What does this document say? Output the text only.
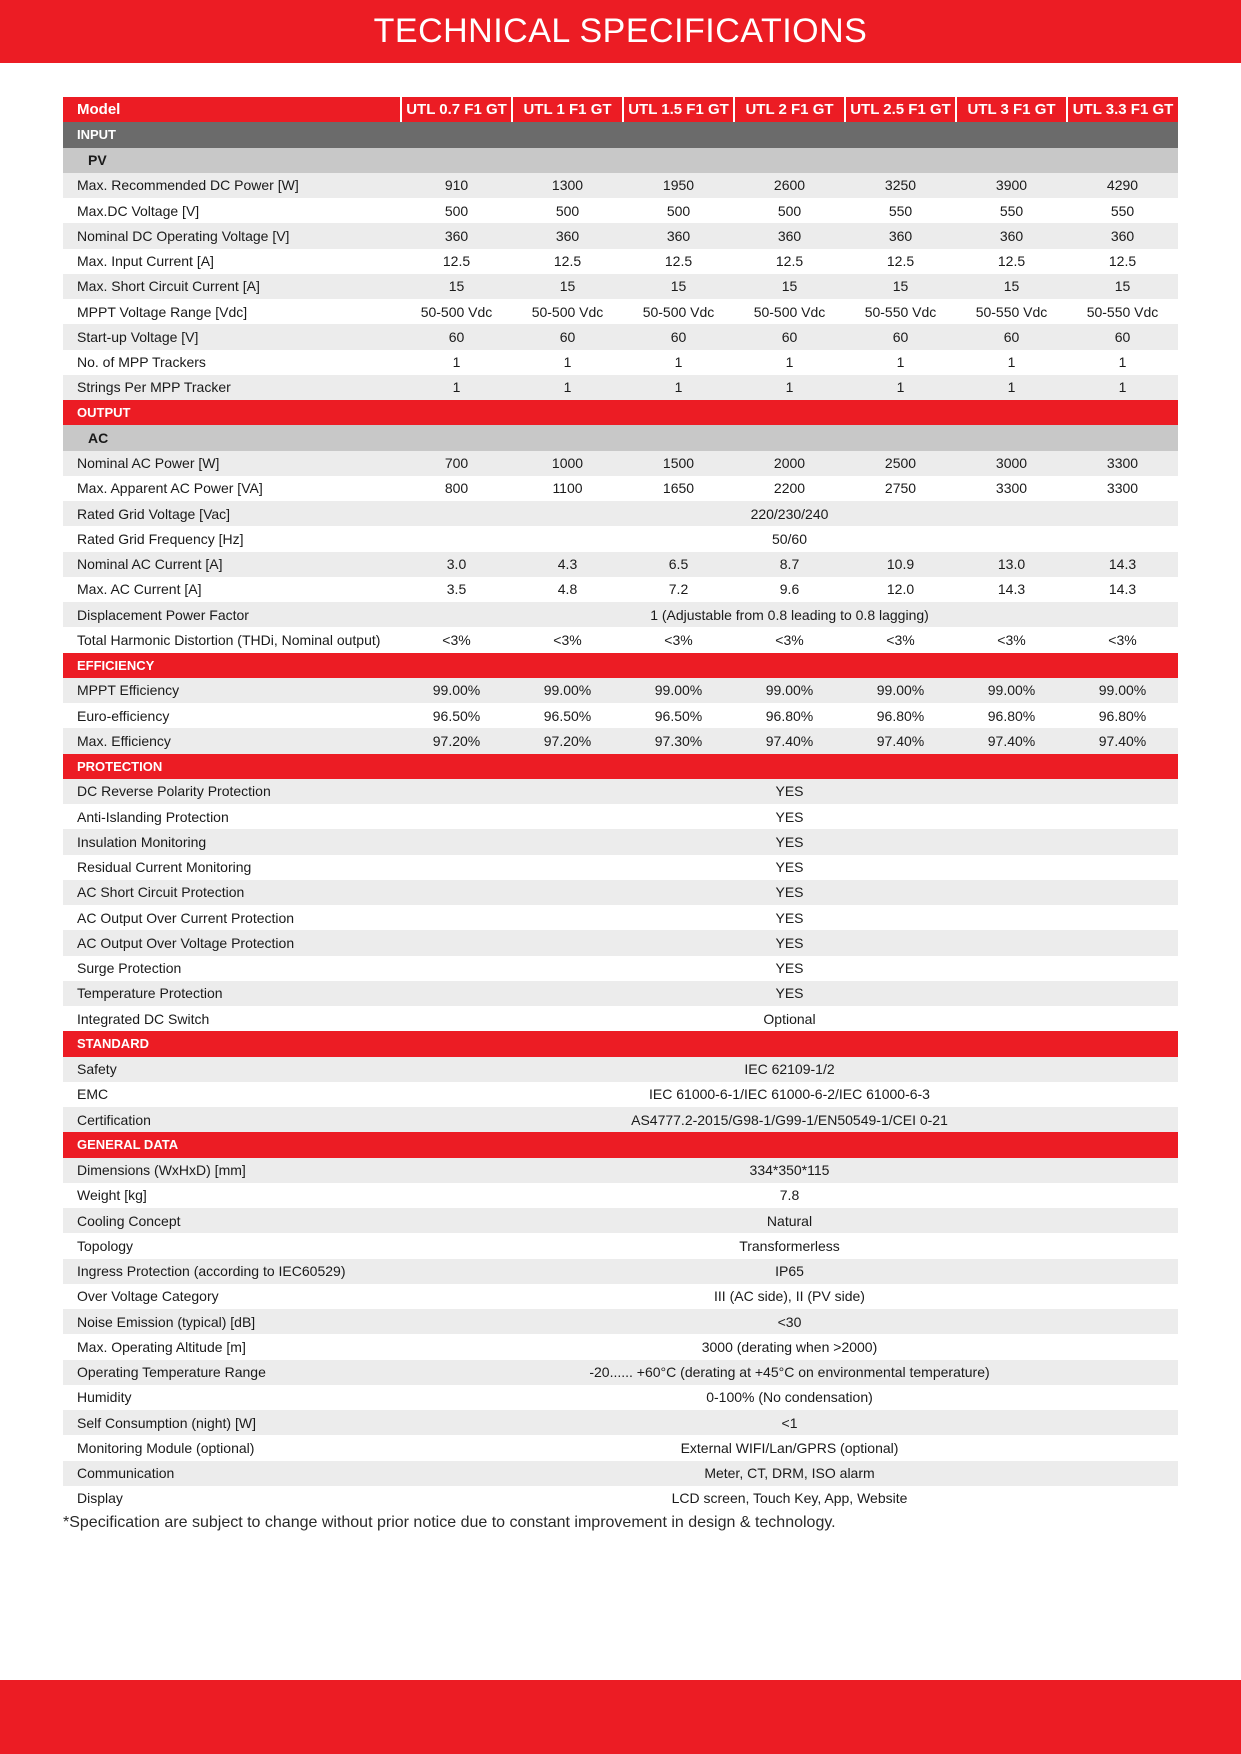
TECHNICAL SPECIFICATIONS
Model	UTL 0.7 F1 GT	UTL 1 F1 GT	UTL 1.5 F1 GT	UTL 2 F1 GT	UTL 2.5 F1 GT	UTL 3 F1 GT	UTL 3.3 F1 GT
INPUT							
PV							
Max. Recommended DC Power [W]	910	1300	1950	2600	3250	3900	4290
Max.DC Voltage [V]	500	500	500	500	550	550	550
Nominal DC Operating Voltage [V]	360	360	360	360	360	360	360
Max. Input Current [A]	12.5	12.5	12.5	12.5	12.5	12.5	12.5
Max. Short Circuit Current [A]	15	15	15	15	15	15	15
MPPT Voltage Range [Vdc]	50-500 Vdc	50-500 Vdc	50-500 Vdc	50-500 Vdc	50-550 Vdc	50-550 Vdc	50-550 Vdc
Start-up Voltage [V]	60	60	60	60	60	60	60
No. of MPP Trackers	1	1	1	1	1	1	1
Strings Per MPP Tracker	1	1	1	1	1	1	1
OUTPUT							
AC							
Nominal AC Power [W]	700	1000	1500	2000	2500	3000	3300
Max. Apparent AC Power [VA]	800	1100	1650	2200	2750	3300	3300
Rated Grid Voltage [Vac]	220/230/240						
Rated Grid Frequency [Hz]	50/60						
Nominal AC Current [A]	3.0	4.3	6.5	8.7	10.9	13.0	14.3
Max. AC Current [A]	3.5	4.8	7.2	9.6	12.0	14.3	14.3
Displacement Power Factor	1 (Adjustable from 0.8 leading to 0.8 lagging)						
Total Harmonic Distortion (THDi, Nominal output)	<3%	<3%	<3%	<3%	<3%	<3%	<3%
EFFICIENCY							
MPPT Efficiency	99.00%	99.00%	99.00%	99.00%	99.00%	99.00%	99.00%
Euro-efficiency	96.50%	96.50%	96.50%	96.80%	96.80%	96.80%	96.80%
Max. Efficiency	97.20%	97.20%	97.30%	97.40%	97.40%	97.40%	97.40%
PROTECTION							
DC Reverse Polarity Protection	YES						
Anti-Islanding Protection	YES						
Insulation Monitoring	YES						
Residual Current Monitoring	YES						
AC Short Circuit Protection	YES						
AC Output Over Current Protection	YES						
AC Output Over Voltage Protection	YES						
Surge Protection	YES						
Temperature Protection	YES						
Integrated DC Switch	Optional						
STANDARD							
Safety	IEC 62109-1/2						
EMC	IEC 61000-6-1/IEC 61000-6-2/IEC 61000-6-3						
Certification	AS4777.2-2015/G98-1/G99-1/EN50549-1/CEI 0-21						
GENERAL DATA							
Dimensions (WxHxD) [mm]	334*350*115						
Weight [kg]	7.8						
Cooling Concept	Natural						
Topology	Transformerless						
Ingress Protection (according to IEC60529)	IP65						
Over Voltage Category	III (AC side), II (PV side)						
Noise Emission (typical) [dB]	<30						
Max. Operating Altitude [m]	3000 (derating when >2000)						
Operating Temperature Range	-20...... +60°C (derating at +45°C on environmental temperature)						
Humidity	0-100% (No condensation)						
Self Consumption (night) [W]	<1						
Monitoring Module (optional)	External WIFI/Lan/GPRS (optional)						
Communication	Meter, CT, DRM, ISO alarm						
Display	LCD screen, Touch Key, App, Website						
*Specification are subject to change without prior notice due to constant improvement in design & technology.
